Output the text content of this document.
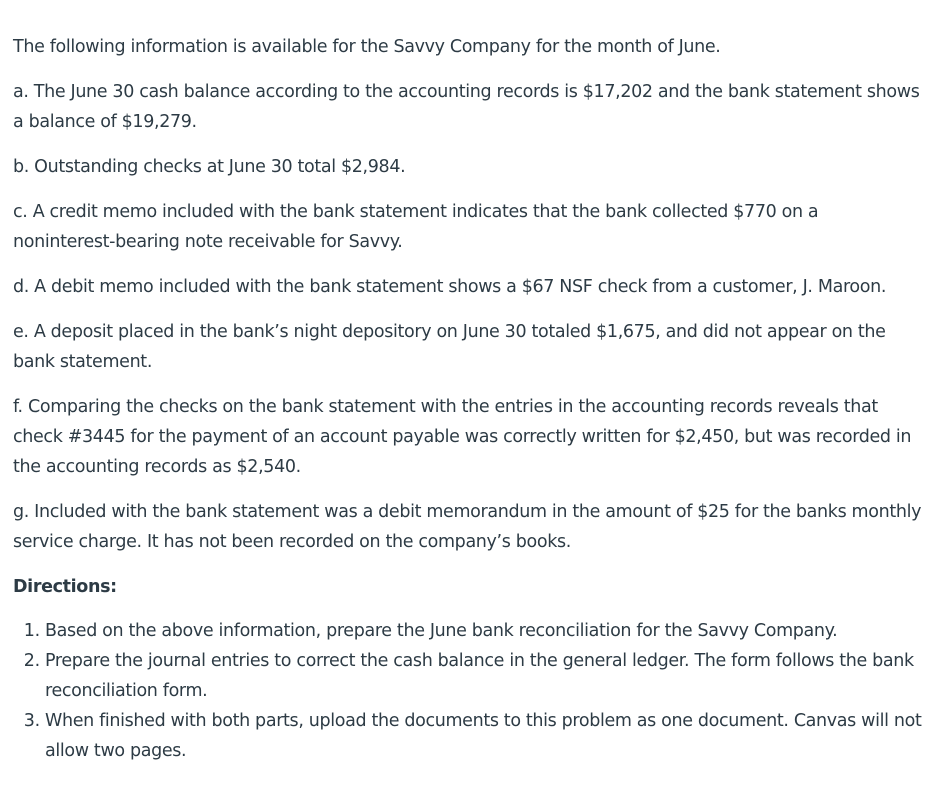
The following information is available for the Savvy Company for the month of June.

a. The June 30 cash balance according to the accounting records is $17,202 and the bank statement shows a balance of $19,279.

b. Outstanding checks at June 30 total $2,984.

c. A credit memo included with the bank statement indicates that the bank collected $770 on a noninterest-bearing note receivable for Savvy.

d. A debit memo included with the bank statement shows a $67 NSF check from a customer, J. Maroon.

e. A deposit placed in the bank’s night depository on June 30 totaled $1,675, and did not appear on the bank statement.

f. Comparing the checks on the bank statement with the entries in the accounting records reveals that check #3445 for the payment of an account payable was correctly written for $2,450, but was recorded in the accounting records as $2,540.

g. Included with the bank statement was a debit memorandum in the amount of $25 for the banks monthly service charge. It has not been recorded on the company’s books.

Directions:

1. Based on the above information, prepare the June bank reconciliation for the Savvy Company.
2. Prepare the journal entries to correct the cash balance in the general ledger. The form follows the bank reconciliation form.
3. When finished with both parts, upload the documents to this problem as one document. Canvas will not allow two pages.
